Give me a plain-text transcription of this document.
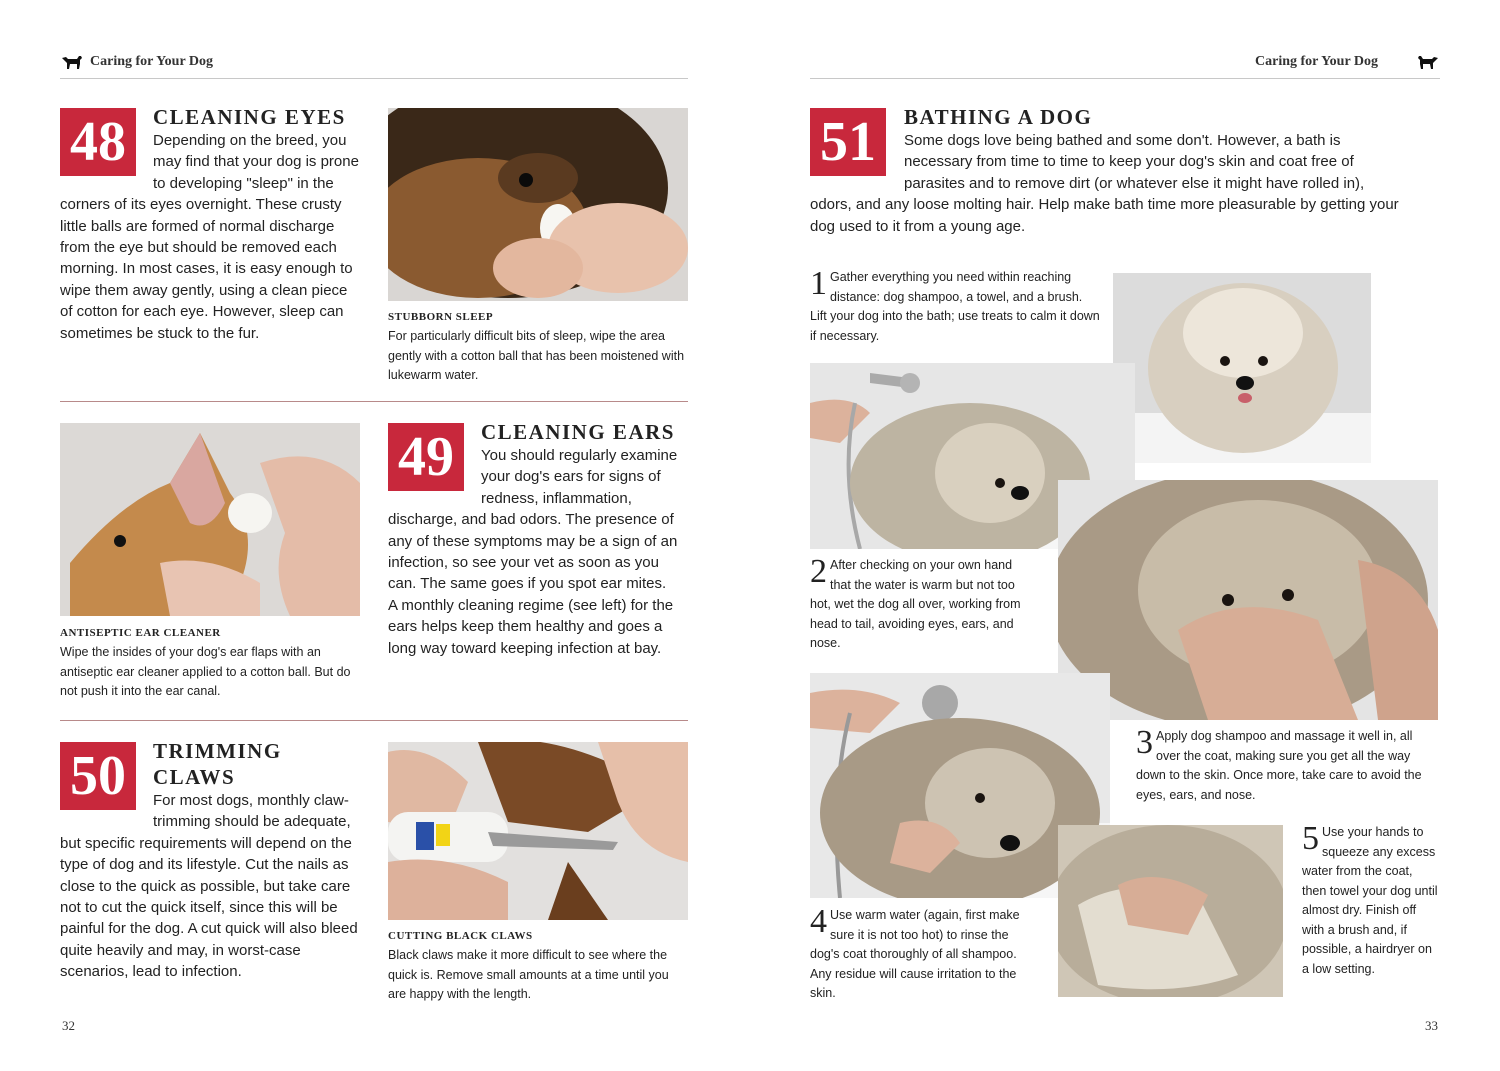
Caring for Your Dog	Caring for Your Dog
48	CLEANING EYES
Depending on the breed, you may find that your dog is prone to developing "sleep" in the corners of its eyes overnight. These crusty little balls are formed of normal discharge from the eye but should be removed each morning. In most cases, it is easy enough to wipe them away gently, using a clean piece of cotton for each eye. However, sleep can sometimes be stuck to the fur.
STUBBORN SLEEP
For particularly difficult bits of sleep, wipe the area gently with a cotton ball that has been moistened with lukewarm water.
ANTISEPTIC EAR CLEANER
Wipe the insides of your dog's ear flaps with an antiseptic ear cleaner applied to a cotton ball. But do not push it into the ear canal.
49	CLEANING EARS
You should regularly examine your dog's ears for signs of redness, inflammation, discharge, and bad odors. The presence of any of these symptoms may be a sign of an infection, so see your vet as soon as you can. The same goes if you spot ear mites. A monthly cleaning regime (see left) for the ears helps keep them healthy and goes a long way toward keeping infection at bay.
50	TRIMMING CLAWS
For most dogs, monthly claw-trimming should be adequate, but specific requirements will depend on the type of dog and its lifestyle. Cut the nails as close to the quick as possible, but take care not to cut the quick itself, since this will be painful for the dog. A cut quick will also bleed quite heavily and may, in worst-case scenarios, lead to infection.
CUTTING BLACK CLAWS
Black claws make it more difficult to see where the quick is. Remove small amounts at a time until you are happy with the length.
51	BATHING A DOG
Some dogs love being bathed and some don't. However, a bath is necessary from time to time to keep your dog's skin and coat free of parasites and to remove dirt (or whatever else it might have rolled in), odors, and any loose molting hair. Help make bath time more pleasurable by getting your dog used to it from a young age.
1 Gather everything you need within reaching distance: dog shampoo, a towel, and a brush. Lift your dog into the bath; use treats to calm it down if necessary.
2 After checking on your own hand that the water is warm but not too hot, wet the dog all over, working from head to tail, avoiding eyes, ears, and nose.
3 Apply dog shampoo and massage it well in, all over the coat, making sure you get all the way down to the skin. Once more, take care to avoid the eyes, ears, and nose.
4 Use warm water (again, first make sure it is not too hot) to rinse the dog's coat thoroughly of all shampoo. Any residue will cause irritation to the skin.
5 Use your hands to squeeze any excess water from the coat, then towel your dog until almost dry. Finish off with a brush and, if possible, a hairdryer on a low setting.
32	33
